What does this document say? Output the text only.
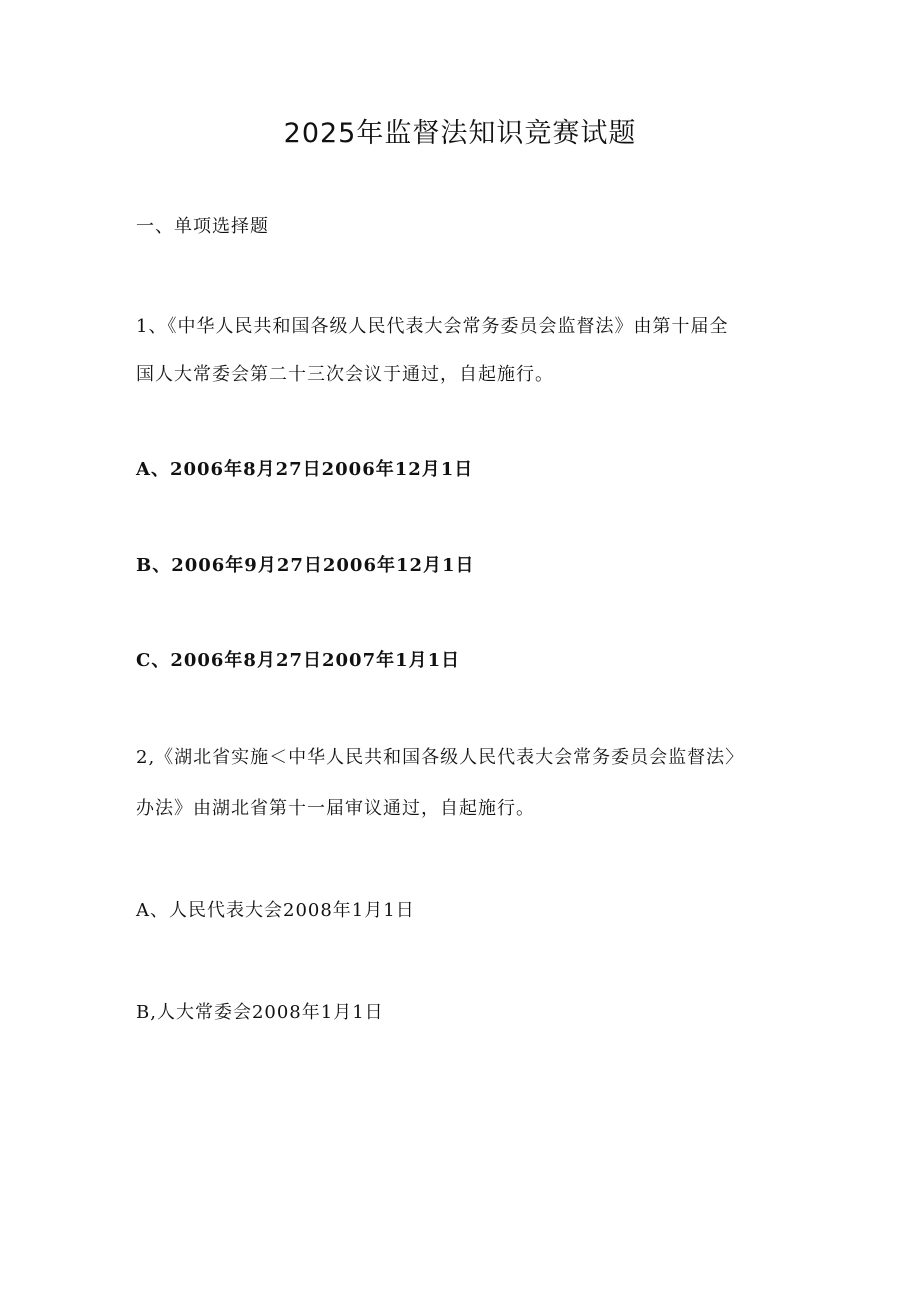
2025年监督法知识竞赛试题
一、单项选择题
1、《中华人民共和国各级人民代表大会常务委员会监督法》由第十届全
国人大常委会第二十三次会议于通过，自起施行。
A、2006年8月27日2006年12月1日
B、2006年9月27日2006年12月1日
C、2006年8月27日2007年1月1日
2,《湖北省实施＜中华人民共和国各级人民代表大会常务委员会监督法〉
办法》由湖北省第十一届审议通过，自起施行。
A、人民代表大会2008年1月1日
B,人大常委会2008年1月1日
